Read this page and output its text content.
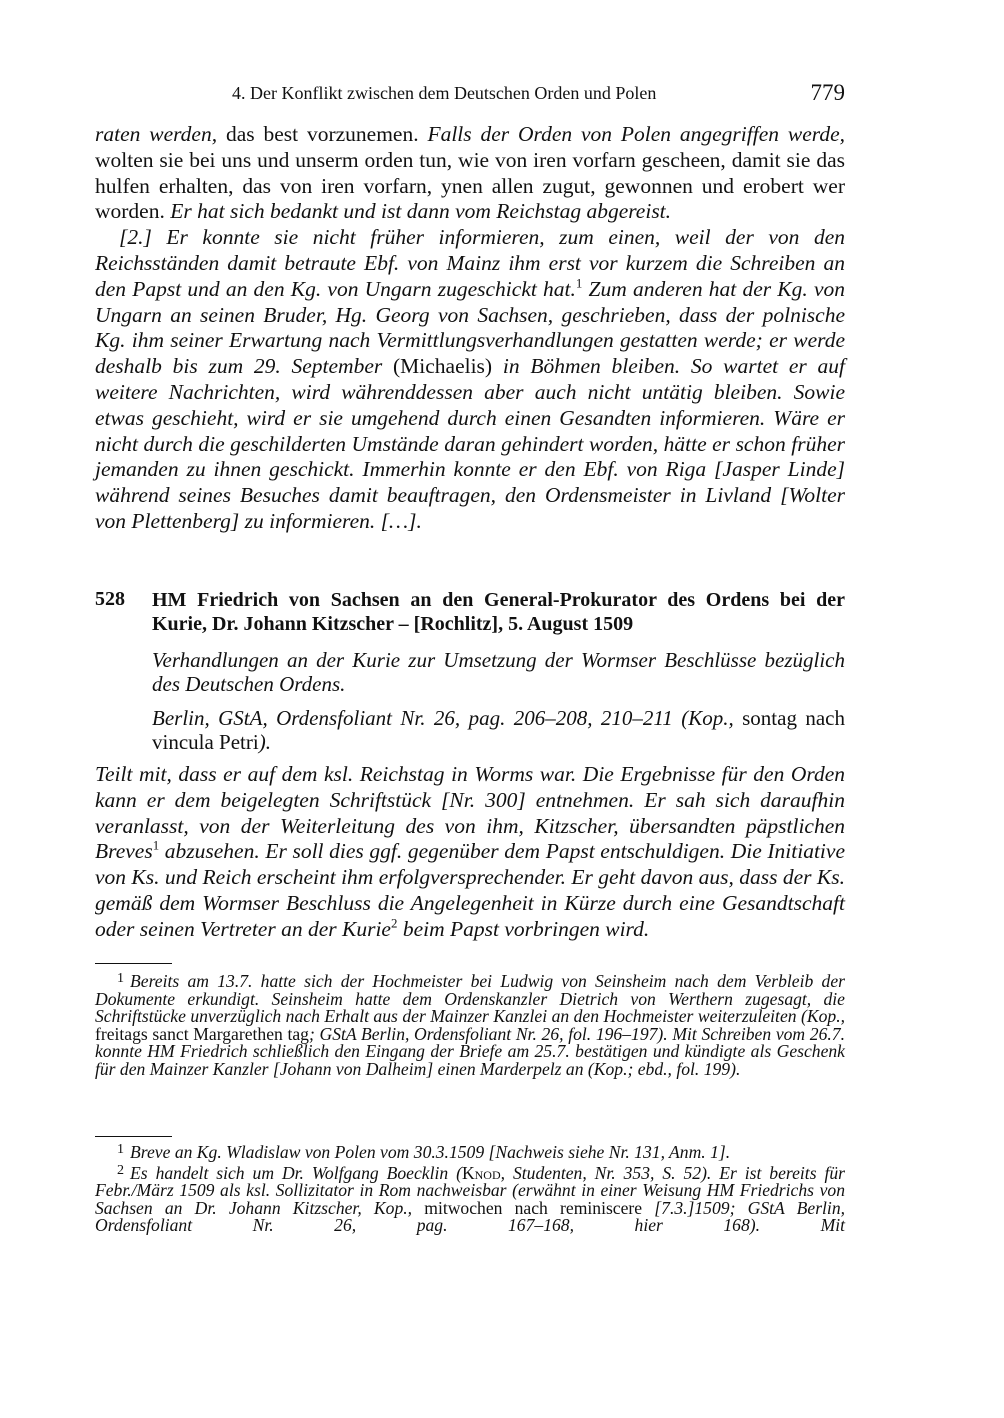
4. Der Konflikt zwischen dem Deutschen Orden und Polen	779

raten werden, das best vorzunemen. Falls der Orden von Polen angegriffen werde, wolten sie bei uns und unserm orden tun, wie von iren vorfarn gescheen, damit sie das hulfen erhalten, das von iren vorfarn, ynen allen zugut, gewonnen und erobert wer worden. Er hat sich bedankt und ist dann vom Reichstag abgereist.

[2.] Er konnte sie nicht früher informieren, zum einen, weil der von den Reichsständen damit betraute Ebf. von Mainz ihm erst vor kurzem die Schreiben an den Papst und an den Kg. von Ungarn zugeschickt hat.$^1$ Zum anderen hat der Kg. von Ungarn an seinen Bruder, Hg. Georg von Sachsen, geschrieben, dass der polnische Kg. ihm seiner Erwartung nach Vermittlungsverhandlungen gestatten werde; er werde deshalb bis zum 29. September (Michaelis) in Böhmen bleiben. So wartet er auf weitere Nachrichten, wird währenddessen aber auch nicht untätig bleiben. Sowie etwas geschieht, wird er sie umgehend durch einen Gesandten informieren. Wäre er nicht durch die geschilderten Umstände daran gehindert worden, hätte er schon früher jemanden zu ihnen geschickt. Immerhin konnte er den Ebf. von Riga [Jasper Linde] während seines Besuches damit beauftragen, den Ordensmeister in Livland [Wolter von Plettenberg] zu informieren. […].

528 HM Friedrich von Sachsen an den General-Prokurator des Ordens bei der Kurie, Dr. Johann Kitzscher – [Rochlitz], 5. August 1509
Verhandlungen an der Kurie zur Umsetzung der Wormser Beschlüsse bezüglich des Deutschen Ordens.
Berlin, GStA, Ordensfoliant Nr. 26, pag. 206–208, 210–211 (Kop., sontag nach vincula Petri).
Teilt mit, dass er auf dem ksl. Reichstag in Worms war. Die Ergebnisse für den Orden kann er dem beigelegten Schriftstück [Nr. 300] entnehmen. Er sah sich daraufhin veranlasst, von der Weiterleitung des von ihm, Kitzscher, übersandten päpstlichen Breves$^1$ abzusehen. Er soll dies ggf. gegenüber dem Papst entschuldigen. Die Initiative von Ks. und Reich erscheint ihm erfolgversprechender. Er geht davon aus, dass der Ks. gemäß dem Wormser Beschluss die Angelegenheit in Kürze durch eine Gesandtschaft oder seinen Vertreter an der Kurie$^2$ beim Papst vorbringen wird.

$^1$ Bereits am 13.7. hatte sich der Hochmeister bei Ludwig von Seinsheim nach dem Verbleib der Dokumente erkundigt. Seinsheim hatte dem Ordenskanzler Dietrich von Werthern zugesagt, die Schriftstücke unverzüglich nach Erhalt aus der Mainzer Kanzlei an den Hochmeister weiterzuleiten (Kop., freitags sanct Margarethen tag; GStA Berlin, Ordensfoliant Nr. 26, fol. 196–197). Mit Schreiben vom 26.7. konnte HM Friedrich schließlich den Eingang der Briefe am 25.7. bestätigen und kündigte als Geschenk für den Mainzer Kanzler [Johann von Dalheim] einen Marderpelz an (Kop.; ebd., fol. 199).

$^1$ Breve an Kg. Wladislaw von Polen vom 30.3.1509 [Nachweis siehe Nr. 131, Anm. 1].

$^2$ Es handelt sich um Dr. Wolfgang Boecklin (Knod, Studenten, Nr. 353, S. 52). Er ist bereits für Febr./März 1509 als ksl. Sollizitator in Rom nachweisbar (erwähnt in einer Weisung HM Friedrichs von Sachsen an Dr. Johann Kitzscher, Kop., mitwochen nach reminiscere [7.3.]1509; GStA Berlin, Ordensfoliant Nr. 26, pag. 167–168, hier 168). Mit
